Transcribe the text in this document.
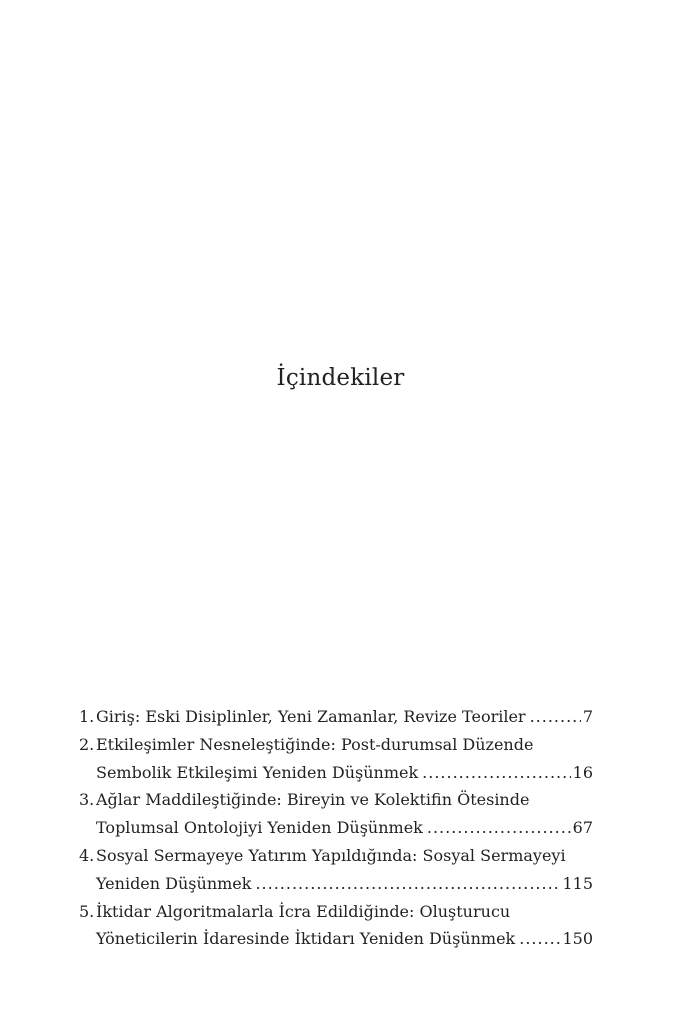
İçindekiler
1. Giriş: Eski Disiplinler, Yeni Zamanlar, Revize Teoriler .....	7
2. Etkileşimler Nesneleştiğinde: Post-durumsal Düzende
Sembolik Etkileşimi Yeniden Düşünmek .....	16
3. Ağlar Maddileştiğinde: Bireyin ve Kolektifin Ötesinde
Toplumsal Ontolojiyi Yeniden Düşünmek .....	67
4. Sosyal Sermayeye Yatırım Yapıldığında: Sosyal Sermayeyi
Yeniden Düşünmek .....	115
5. İktidar Algoritmalarla İcra Edildiğinde: Oluşturucu
Yöneticilerin İdaresinde İktidarı Yeniden Düşünmek .....	150
